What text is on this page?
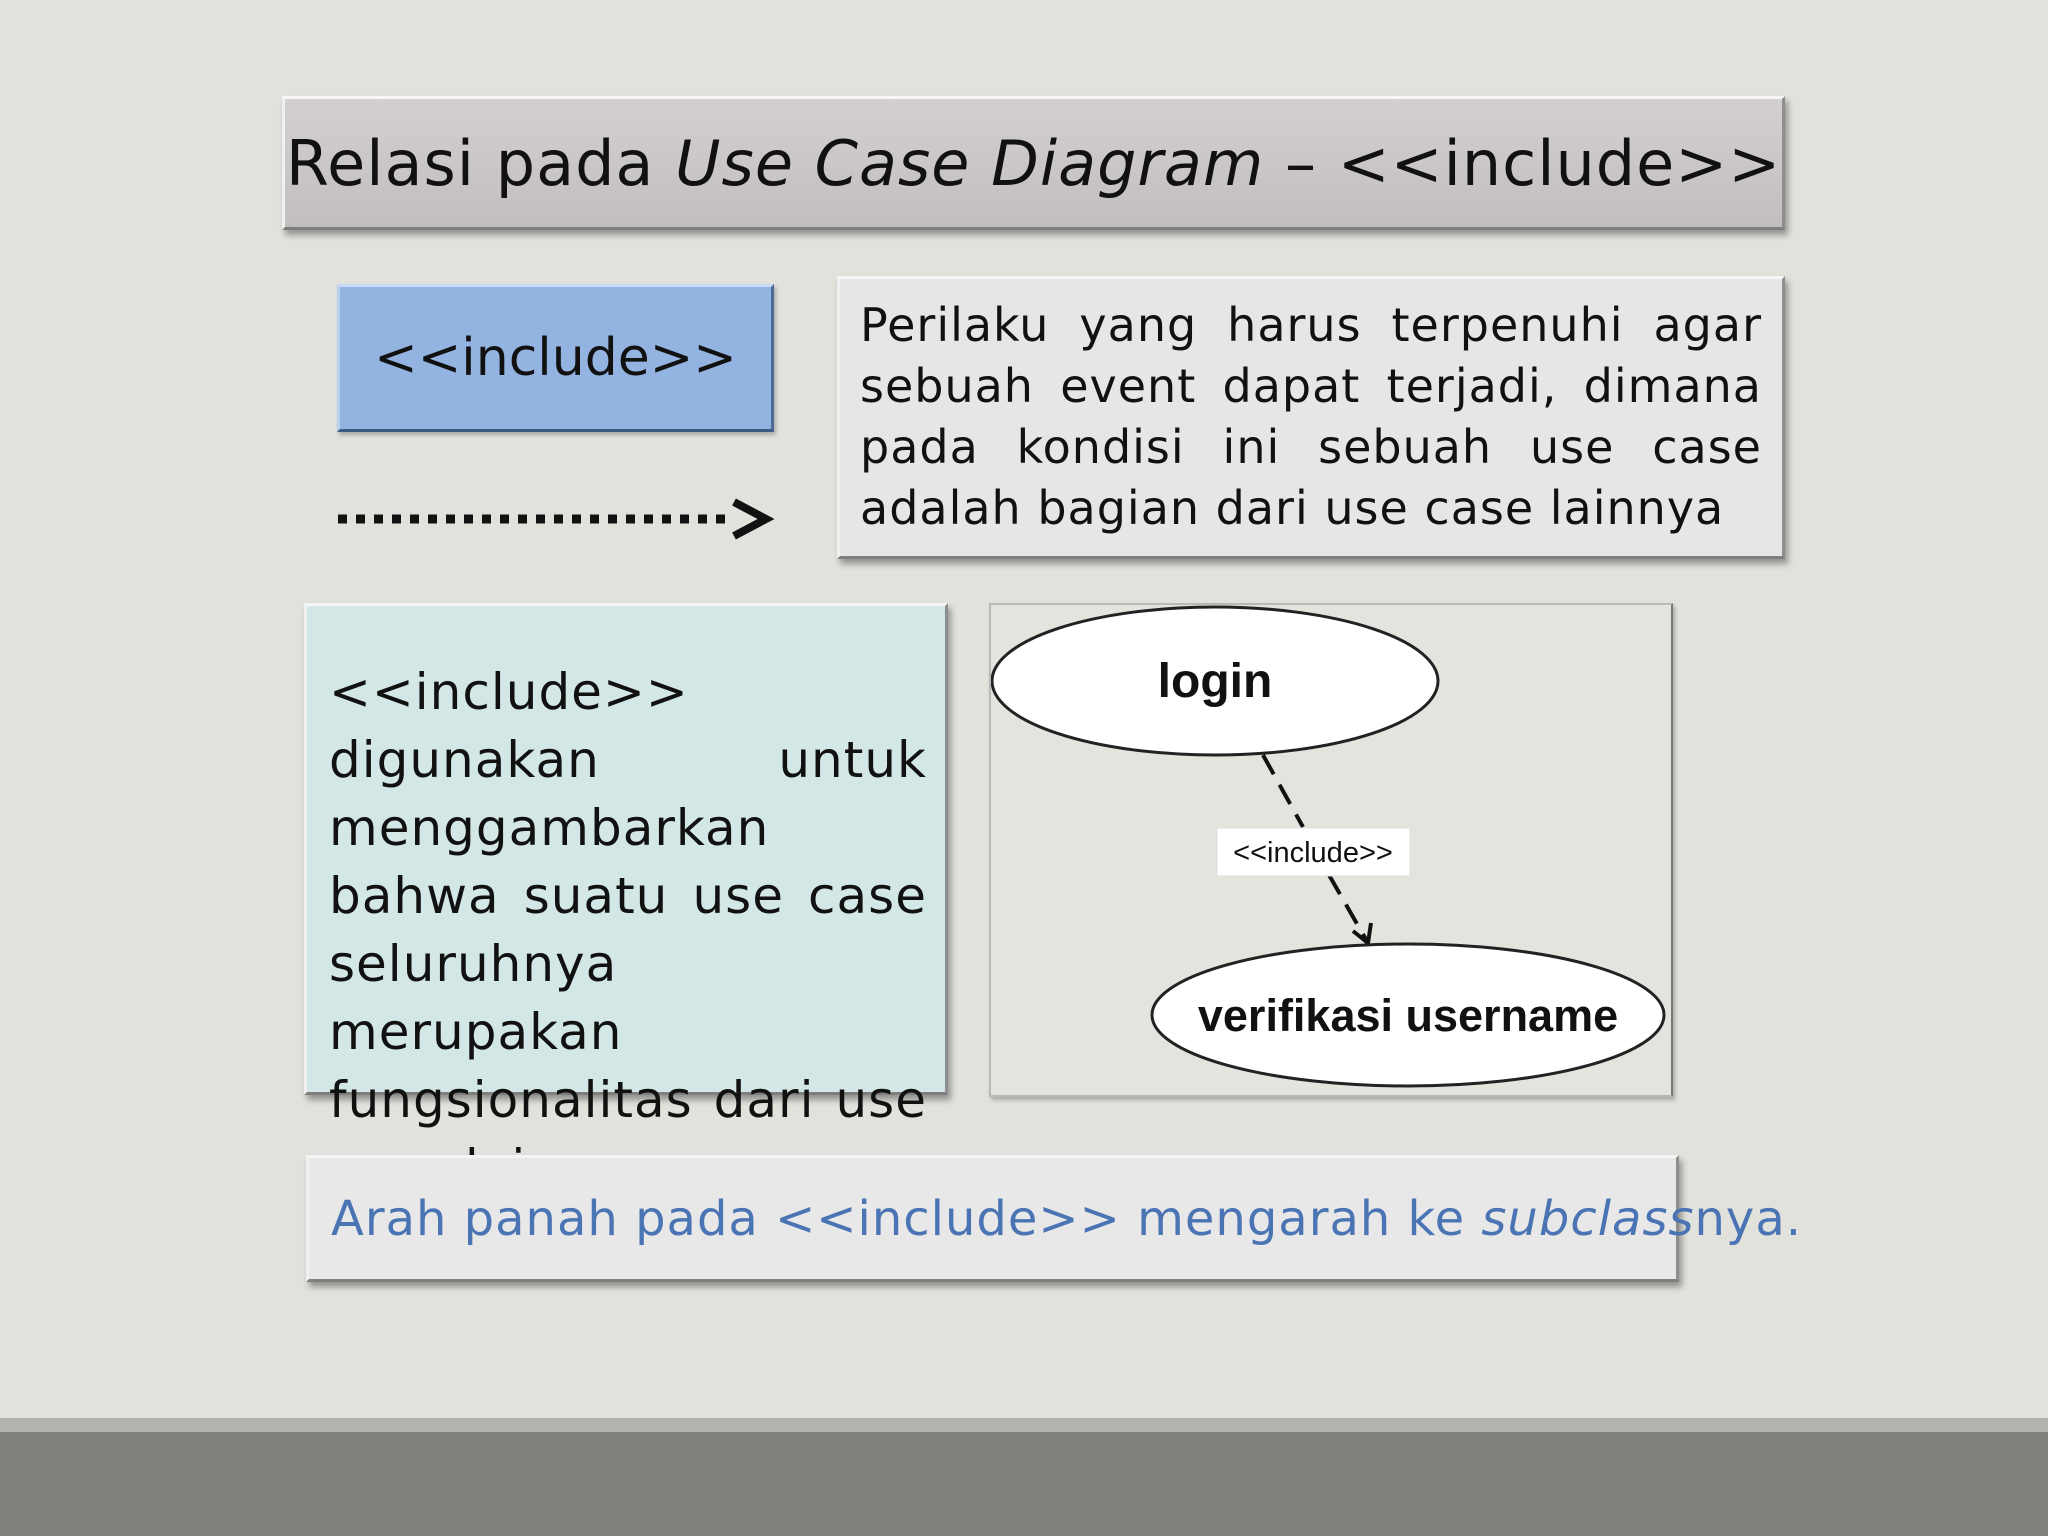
Relasi pada Use Case Diagram – <<include>>
<<include>>
Perilaku yang harus terpenuhi agar sebuah event dapat terjadi, dimana pada kondisi ini sebuah use case adalah bagian dari use case lainnya
<<include>> digunakan untuk menggambarkan bahwa suatu use case seluruhnya merupakan fungsionalitas dari use
login
<<include>>
verifikasi username
Arah panah pada <<include>> mengarah ke subclassnya.
